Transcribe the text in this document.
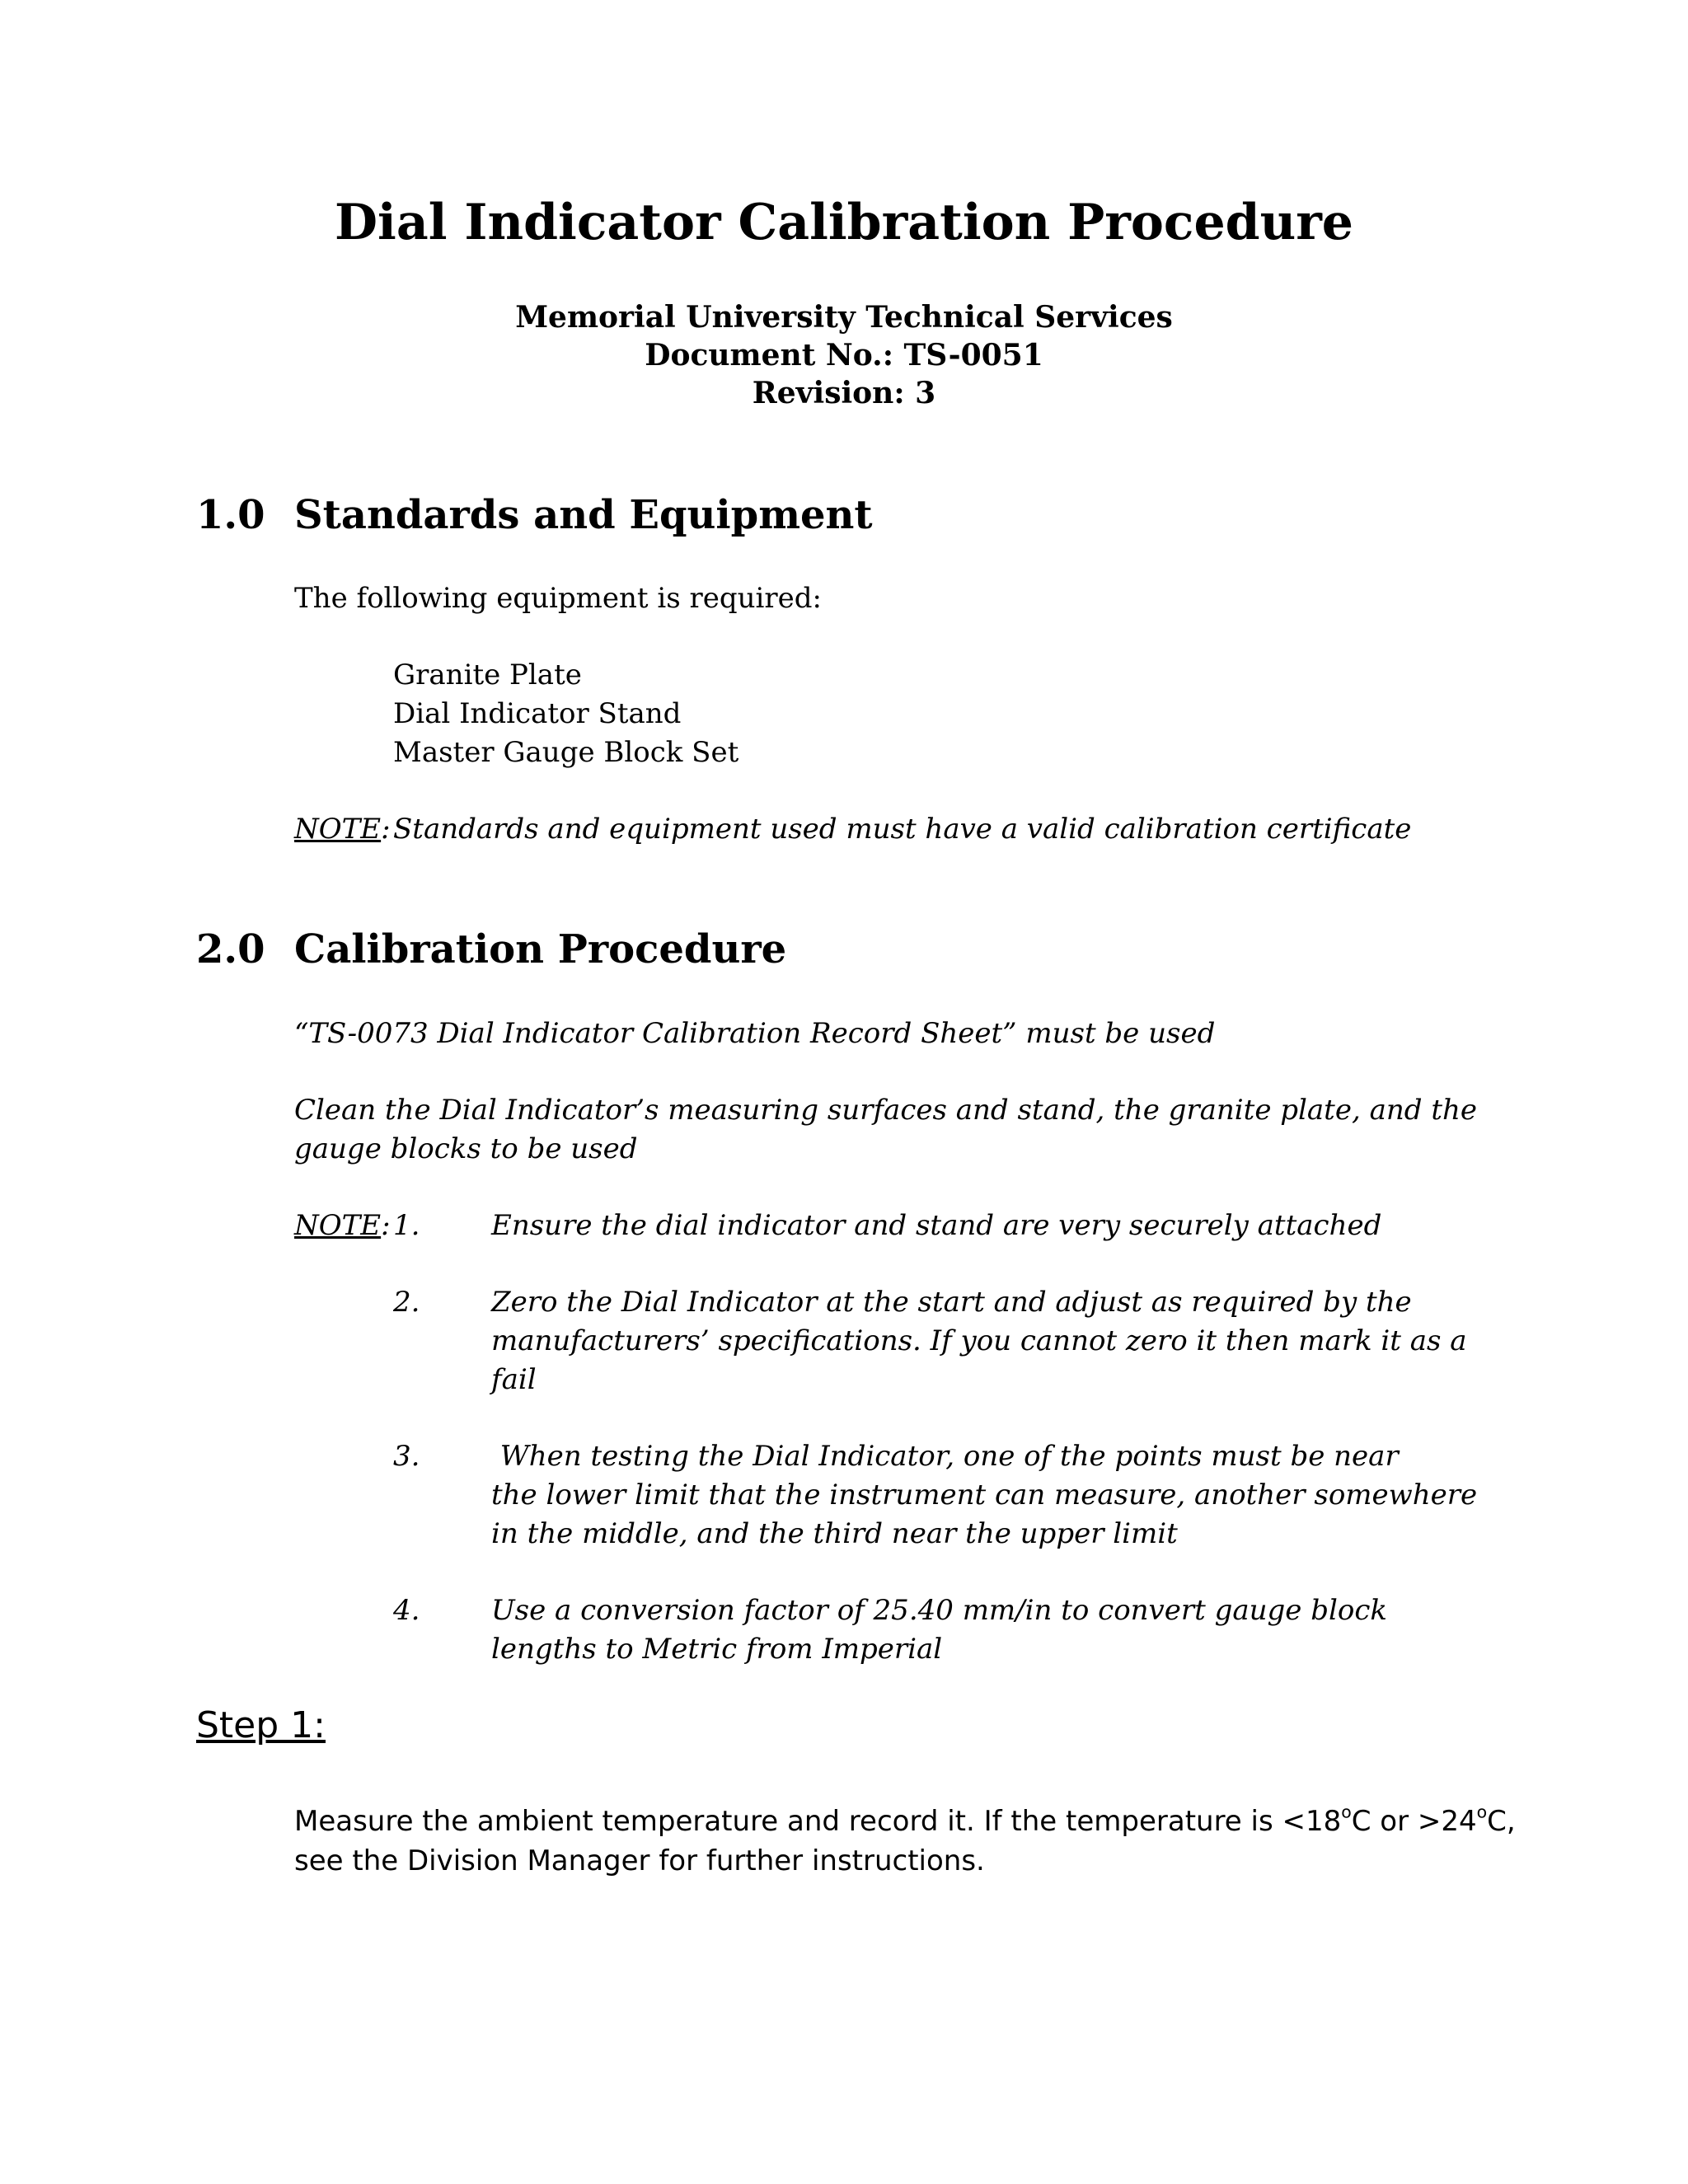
Dial Indicator Calibration Procedure
Memorial University Technical Services
Document No.: TS-0051
Revision: 3
1.0 Standards and Equipment
The following equipment is required:
Granite Plate
Dial Indicator Stand
Master Gauge Block Set
NOTE: Standards and equipment used must have a valid calibration certificate
2.0 Calibration Procedure
“TS-0073 Dial Indicator Calibration Record Sheet” must be used
Clean the Dial Indicator’s measuring surfaces and stand, the granite plate, and the
gauge blocks to be used
NOTE: 1.	Ensure the dial indicator and stand are very securely attached
2.	Zero the Dial Indicator at the start and adjust as required by the
manufacturers’ specifications. If you cannot zero it then mark it as a
fail
3.	When testing the Dial Indicator, one of the points must be near
the lower limit that the instrument can measure, another somewhere
in the middle, and the third near the upper limit
4.	Use a conversion factor of 25.40 mm/in to convert gauge block
lengths to Metric from Imperial
Step 1:
Measure the ambient temperature and record it. If the temperature is $<18^oC$ or $>24^oC$,
see the Division Manager for further instructions.
